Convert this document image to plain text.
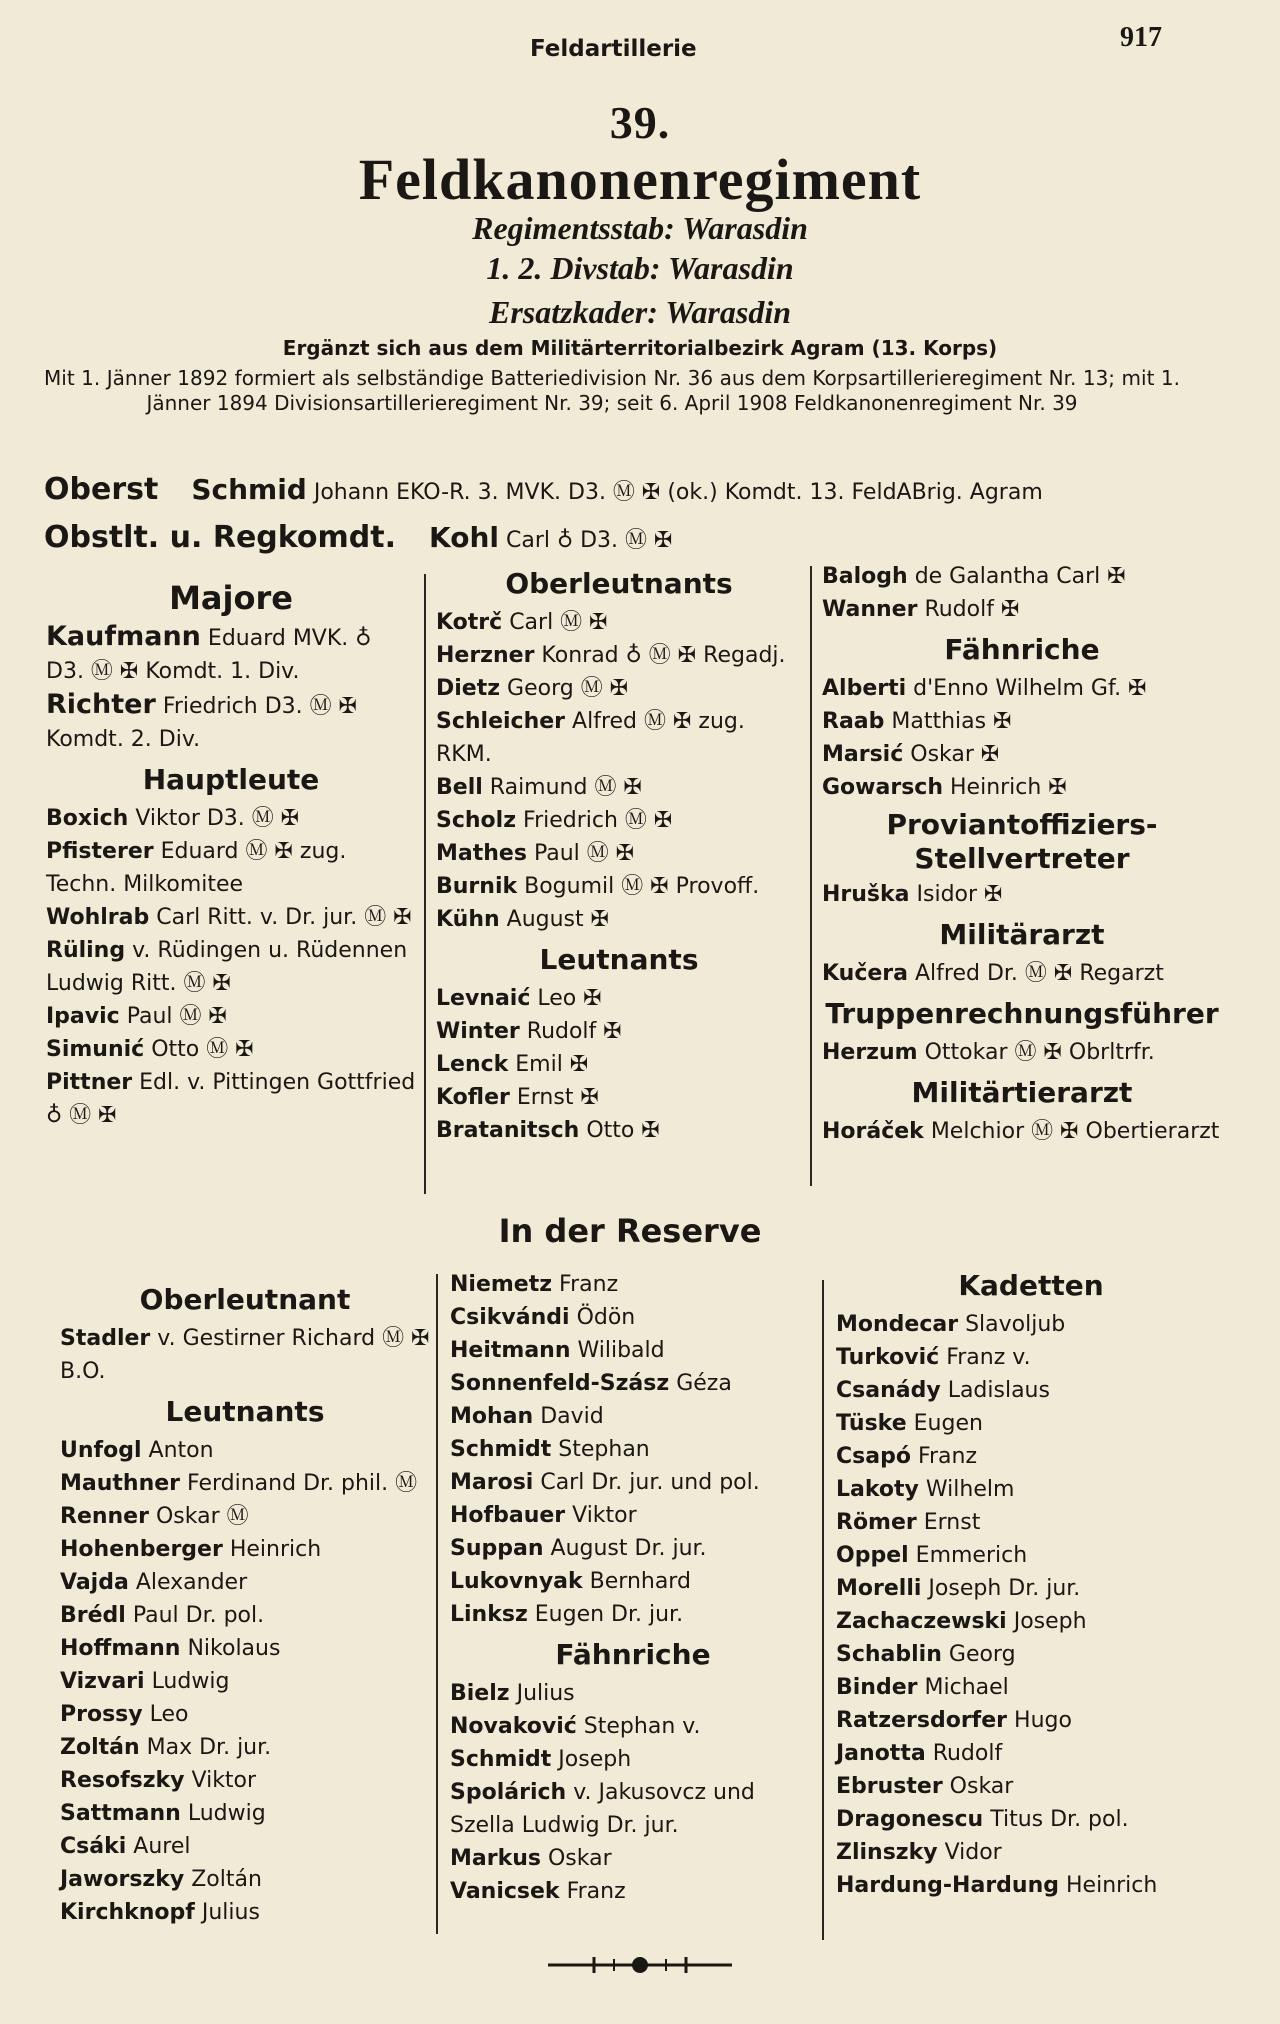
Feldartillerie	917
39.
Feldkanonenregiment
Regimentsstab: Warasdin
1. 2. Divstab: Warasdin
Ersatzkader: Warasdin
Ergänzt sich aus dem Militärterritorialbezirk Agram (13. Korps)
Mit 1. Jänner 1892 formiert als selbständige Batteriedivision Nr. 36 aus dem Korpsartillerieregiment Nr. 13; mit 1. Jänner 1894 Divisionsartillerieregiment Nr. 39; seit 6. April 1908 Feldkanonenregiment Nr. 39
Oberst Schmid Johann EKO-R. 3. MVK. D3. Ⓜ ✠ (ok.) Komdt. 13. FeldABrig. Agram
Obstlt. u. Regkomdt. Kohl Carl ♁ D3. Ⓜ ✠
Majore
Kaufmann Eduard MVK. ♁ D3. Ⓜ ✠ Komdt. 1. Div.
Richter Friedrich D3. Ⓜ ✠ Komdt. 2. Div.
Hauptleute
Boxich Viktor D3. Ⓜ ✠
Pfisterer Eduard Ⓜ ✠ zug. Techn. Milkomitee
Wohlrab Carl Ritt. v. Dr. jur. Ⓜ ✠
Rüling v. Rüdingen u. Rüdennen Ludwig Ritt. Ⓜ ✠
Ipavic Paul Ⓜ ✠
Simunić Otto Ⓜ ✠
Pittner Edl. v. Pittingen Gottfried ♁ Ⓜ ✠
Oberleutnants
Kotrč Carl Ⓜ ✠
Herzner Konrad ♁ Ⓜ ✠ Regadj.
Dietz Georg Ⓜ ✠
Schleicher Alfred Ⓜ ✠ zug. RKM.
Bell Raimund Ⓜ ✠
Scholz Friedrich Ⓜ ✠
Mathes Paul Ⓜ ✠
Burnik Bogumil Ⓜ ✠ Provoff.
Kühn August ✠
Leutnants
Levnaić Leo ✠
Winter Rudolf ✠
Lenck Emil ✠
Kofler Ernst ✠
Bratanitsch Otto ✠
Balogh de Galantha Carl ✠
Wanner Rudolf ✠
Fähnriche
Alberti d'Enno Wilhelm Gf. ✠
Raab Matthias ✠
Marsić Oskar ✠
Gowarsch Heinrich ✠
Proviantoffiziers-Stellvertreter
Hruška Isidor ✠
Militärarzt
Kučera Alfred Dr. Ⓜ ✠ Regarzt
Truppenrechnungsführer
Herzum Ottokar Ⓜ ✠ Obrltrfr.
Militärtierarzt
Horáček Melchior Ⓜ ✠ Obertierarzt
In der Reserve
Oberleutnant
Stadler v. Gestirner Richard Ⓜ ✠ B.O.
Leutnants
Unfogl Anton
Mauthner Ferdinand Dr. phil. Ⓜ
Renner Oskar Ⓜ
Hohenberger Heinrich
Vajda Alexander
Brédl Paul Dr. pol.
Hoffmann Nikolaus
Vizvari Ludwig
Prossy Leo
Zoltán Max Dr. jur.
Resofszky Viktor
Sattmann Ludwig
Csáki Aurel
Jaworszky Zoltán
Kirchknopf Julius
Niemetz Franz
Csikvándi Ödön
Heitmann Wilibald
Sonnenfeld-Szász Géza
Mohan David
Schmidt Stephan
Marosi Carl Dr. jur. und pol.
Hofbauer Viktor
Suppan August Dr. jur.
Lukovnyak Bernhard
Linksz Eugen Dr. jur.
Fähnriche
Bielz Julius
Novaković Stephan v.
Schmidt Joseph
Spolárich v. Jakusovcz und Szella Ludwig Dr. jur.
Markus Oskar
Vanicsek Franz
Kadetten
Mondecar Slavoljub
Turković Franz v.
Csanády Ladislaus
Tüske Eugen
Csapó Franz
Lakoty Wilhelm
Römer Ernst
Oppel Emmerich
Morelli Joseph Dr. jur.
Zachaczewski Joseph
Schablin Georg
Binder Michael
Ratzersdorfer Hugo
Janotta Rudolf
Ebruster Oskar
Dragonescu Titus Dr. pol.
Zlinszky Vidor
Hardung-Hardung Heinrich
